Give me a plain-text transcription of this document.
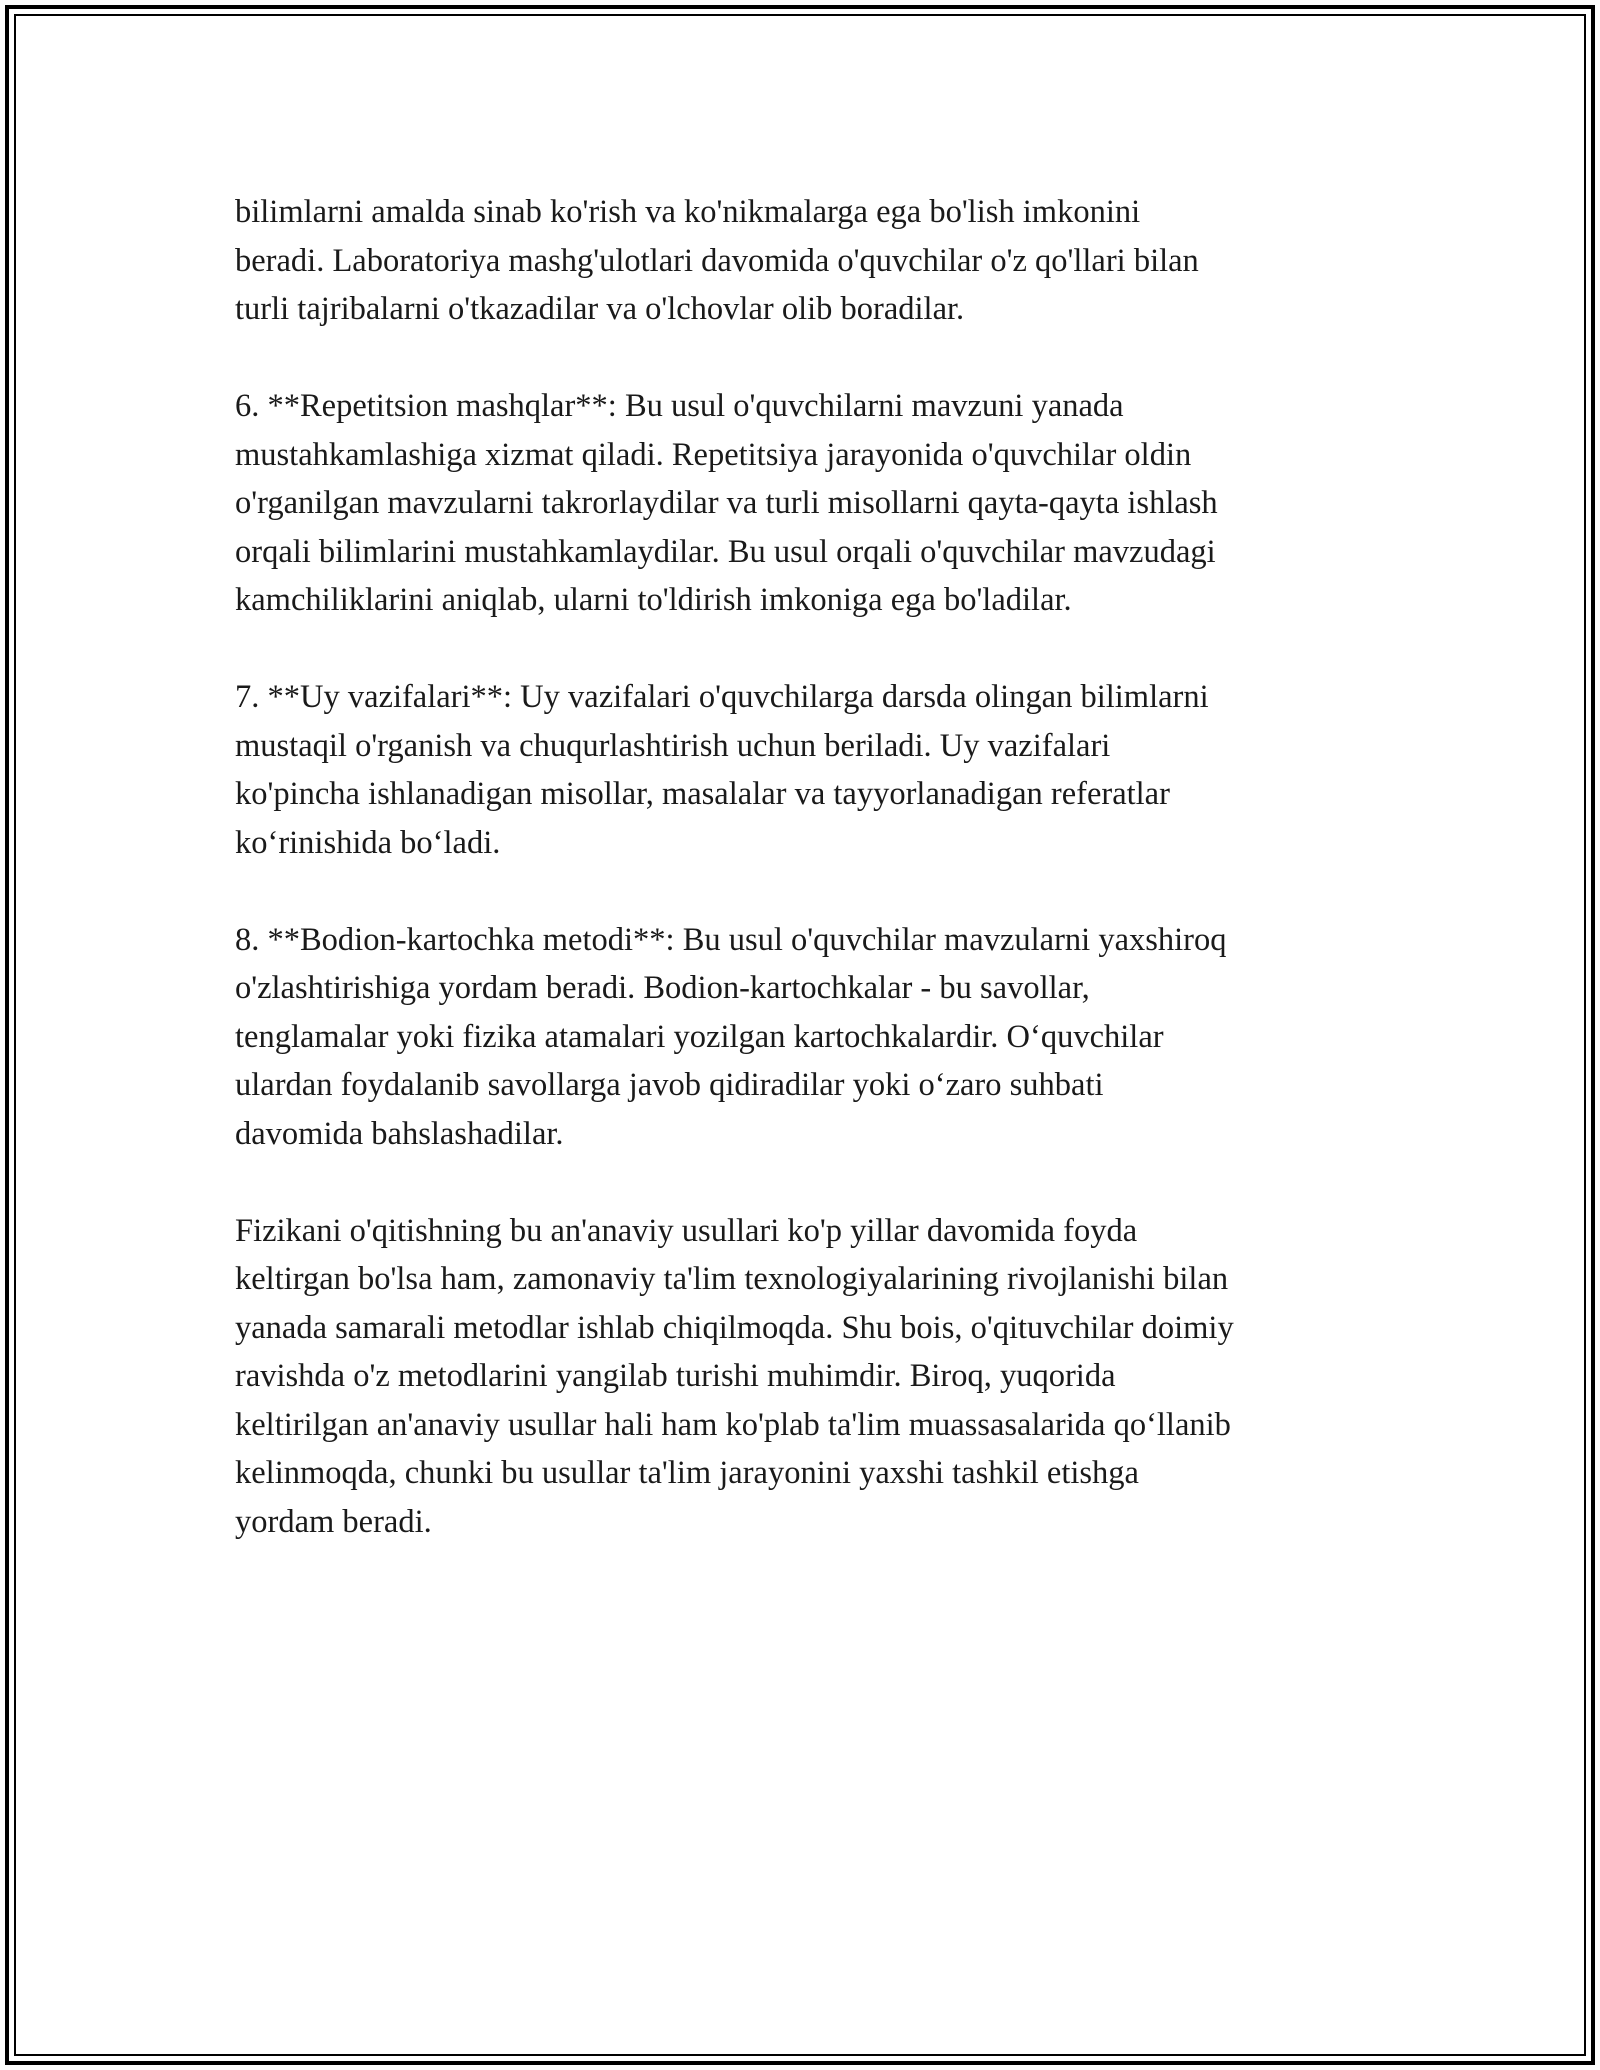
bilimlarni amalda sinab ko'rish va ko'nikmalarga ega bo'lish imkonini
beradi. Laboratoriya mashg'ulotlari davomida o'quvchilar o'z qo'llari bilan
turli tajribalarni o'tkazadilar va o'lchovlar olib boradilar.

6. **Repetitsion mashqlar**: Bu usul o'quvchilarni mavzuni yanada
mustahkamlashiga xizmat qiladi. Repetitsiya jarayonida o'quvchilar oldin
o'rganilgan mavzularni takrorlaydilar va turli misollarni qayta-qayta ishlash
orqali bilimlarini mustahkamlaydilar. Bu usul orqali o'quvchilar mavzudagi
kamchiliklarini aniqlab, ularni to'ldirish imkoniga ega bo'ladilar.

7. **Uy vazifalari**: Uy vazifalari o'quvchilarga darsda olingan bilimlarni
mustaqil o'rganish va chuqurlashtirish uchun beriladi. Uy vazifalari
ko'pincha ishlanadigan misollar, masalalar va tayyorlanadigan referatlar
koʻrinishida boʻladi.

8. **Bodion-kartochka metodi**: Bu usul o'quvchilar mavzularni yaxshiroq
o'zlashtirishiga yordam beradi. Bodion-kartochkalar - bu savollar,
tenglamalar yoki fizika atamalari yozilgan kartochkalardir. Oʻquvchilar
ulardan foydalanib savollarga javob qidiradilar yoki oʻzaro suhbati
davomida bahslashadilar.

Fizikani o'qitishning bu an'anaviy usullari ko'p yillar davomida foyda
keltirgan bo'lsa ham, zamonaviy ta'lim texnologiyalarining rivojlanishi bilan
yanada samarali metodlar ishlab chiqilmoqda. Shu bois, o'qituvchilar doimiy
ravishda o'z metodlarini yangilab turishi muhimdir. Biroq, yuqorida
keltirilgan an'anaviy usullar hali ham ko'plab ta'lim muassasalarida qoʻllanib
kelinmoqda, chunki bu usullar ta'lim jarayonini yaxshi tashkil etishga
yordam beradi.
